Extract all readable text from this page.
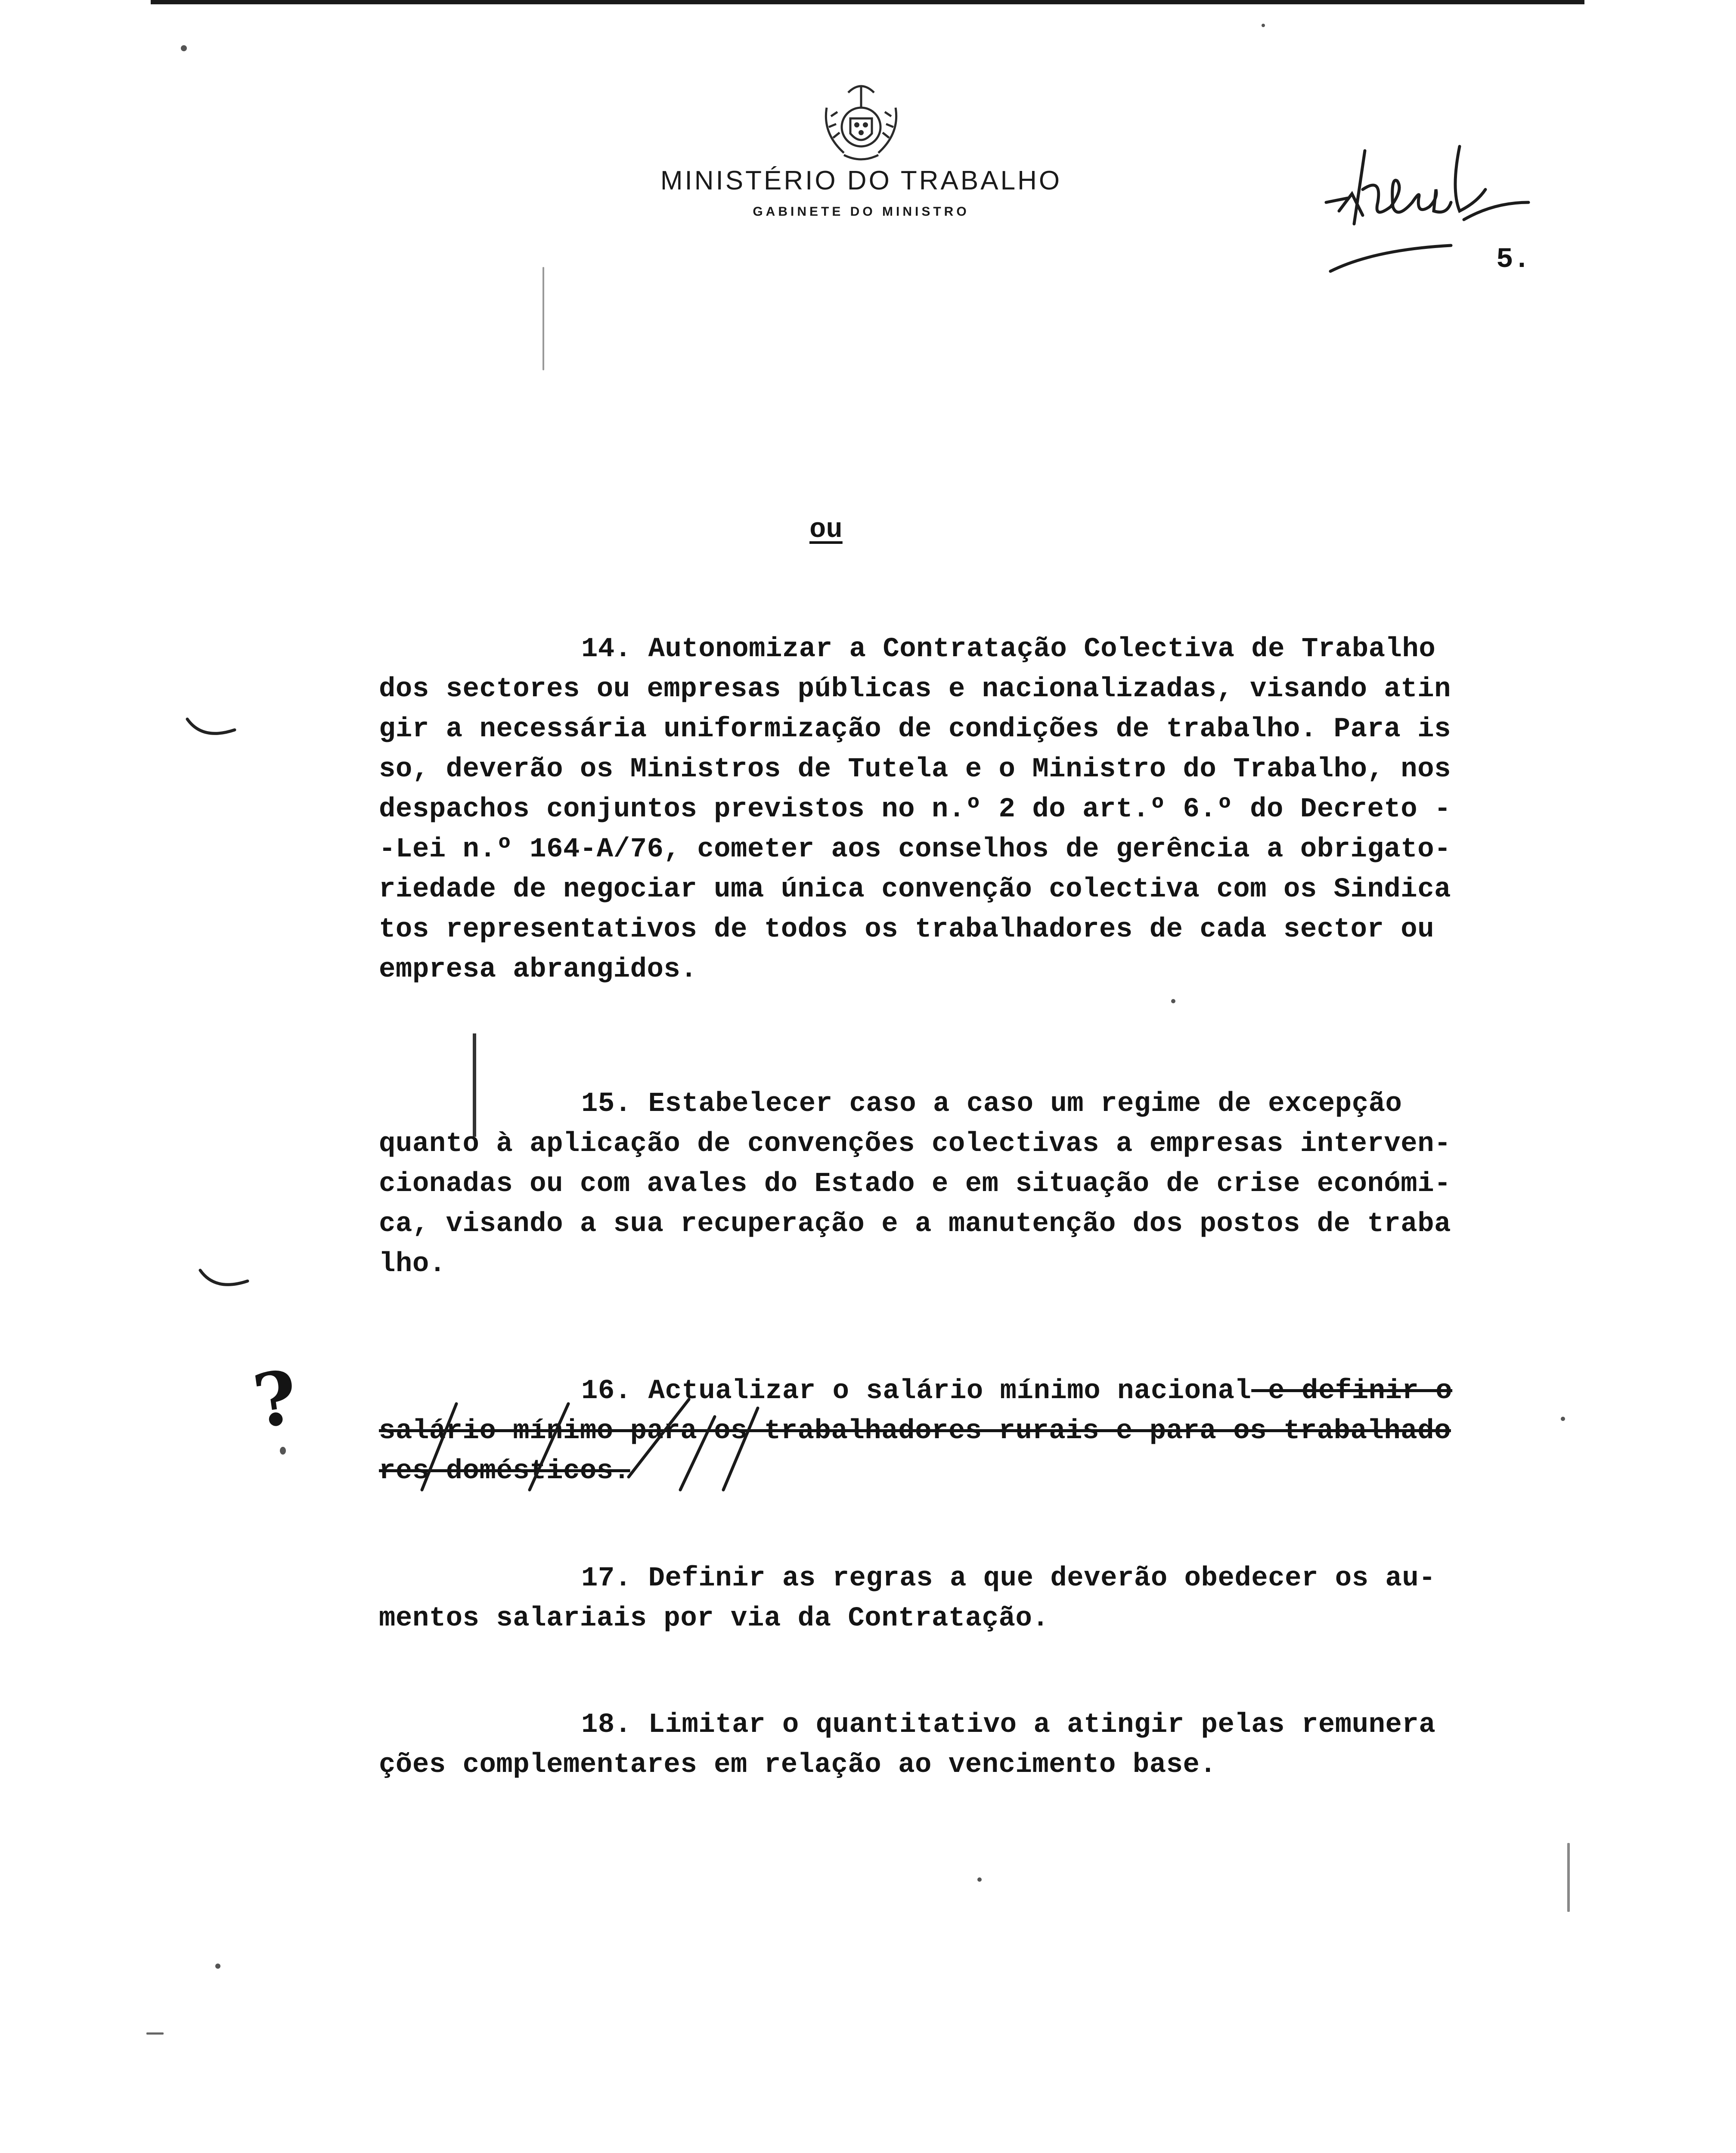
MINISTÉRIO DO TRABALHO
GABINETE DO MINISTRO
5.
ou
14. Autonomizar a Contratação Colectiva de Trabalho
dos sectores ou empresas públicas e nacionalizadas, visando atin
gir a necessária uniformização de condições de trabalho. Para is
so, deverão os Ministros de Tutela e o Ministro do Trabalho, nos
despachos conjuntos previstos no n.º 2 do art.º 6.º do Decreto -
-Lei n.º 164-A/76, cometer aos conselhos de gerência a obrigato-
riedade de negociar uma única convenção colectiva com os Sindica
tos representativos de todos os trabalhadores de cada sector ou
empresa abrangidos.
15. Estabelecer caso a caso um regime de excepção
quanto à aplicação de convenções colectivas a empresas interven-
cionadas ou com avales do Estado e em situação de crise económi-
ca, visando a sua recuperação e a manutenção dos postos de traba
lho.
16. Actualizar o salário mínimo nacional e definir o
salário mínimo para os trabalhadores rurais e para os trabalhado
res domésticos.
?
17. Definir as regras a que deverão obedecer os au-
mentos salariais por via da Contratação.
18. Limitar o quantitativo a atingir pelas remunera
ções complementares em relação ao vencimento base.
